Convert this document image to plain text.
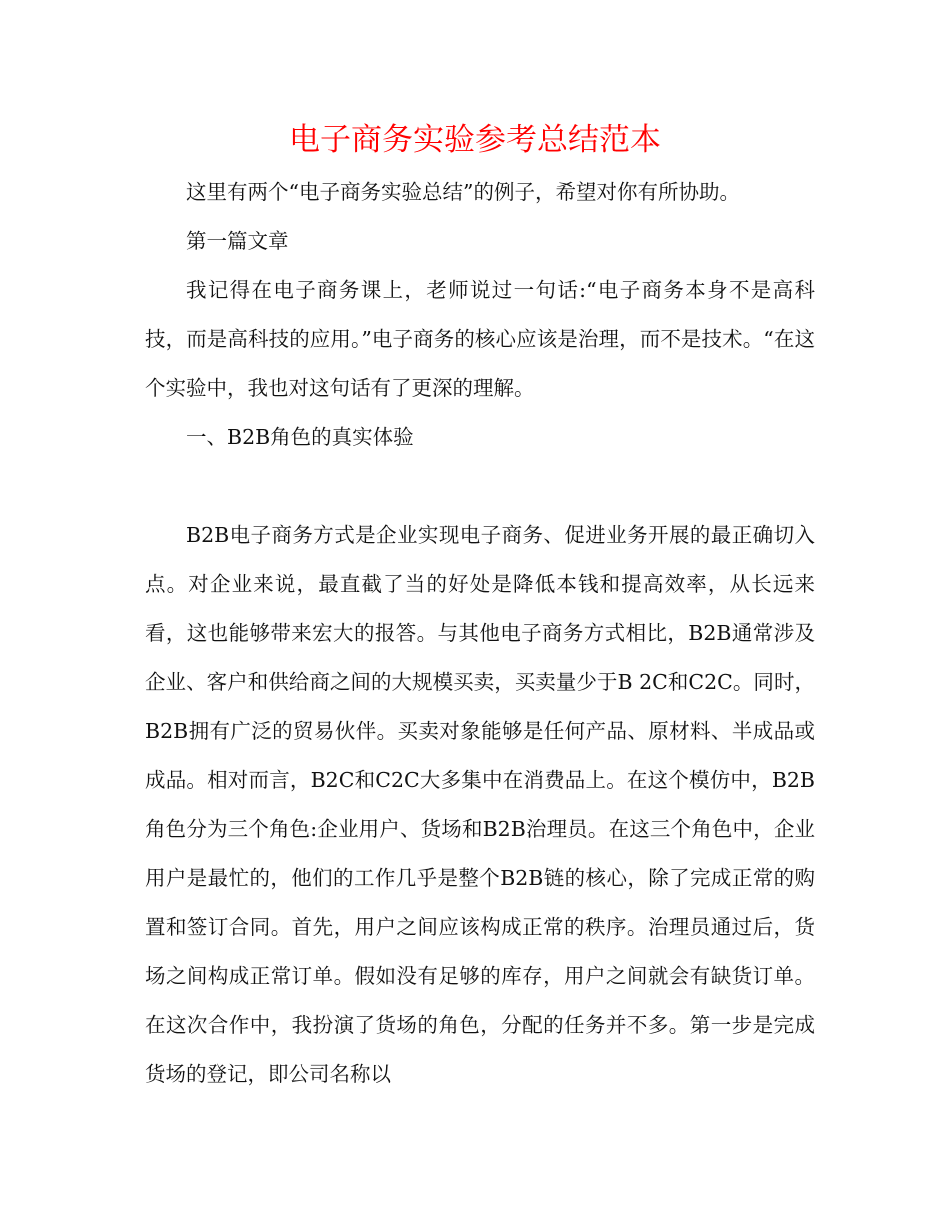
电子商务实验参考总结范本

这里有两个“电子商务实验总结”的例子，希望对你有所协助。

第一篇文章

我记得在电子商务课上，老师说过一句话:“电子商务本身不是高科技，而是高科技的应用。”电子商务的核心应该是治理，而不是技术。“在这个实验中，我也对这句话有了更深的理解。

一、B2B角色的真实体验

B2B电子商务方式是企业实现电子商务、促进业务开展的最正确切入点。对企业来说，最直截了当的好处是降低本钱和提高效率，从长远来看，这也能够带来宏大的报答。与其他电子商务方式相比，B2B通常涉及企业、客户和供给商之间的大规模买卖，买卖量少于B 2C和C2C。同时，B2B拥有广泛的贸易伙伴。买卖对象能够是任何产品、原材料、半成品或成品。相对而言，B2C和C2C大多集中在消费品上。在这个模仿中，B2B角色分为三个角色:企业用户、货场和B2B治理员。在这三个角色中，企业用户是最忙的，他们的工作几乎是整个B2B链的核心，除了完成正常的购置和签订合同。首先，用户之间应该构成正常的秩序。治理员通过后，货场之间构成正常订单。假如没有足够的库存，用户之间就会有缺货订单。在这次合作中，我扮演了货场的角色，分配的任务并不多。第一步是完成货场的登记，即公司名称以
